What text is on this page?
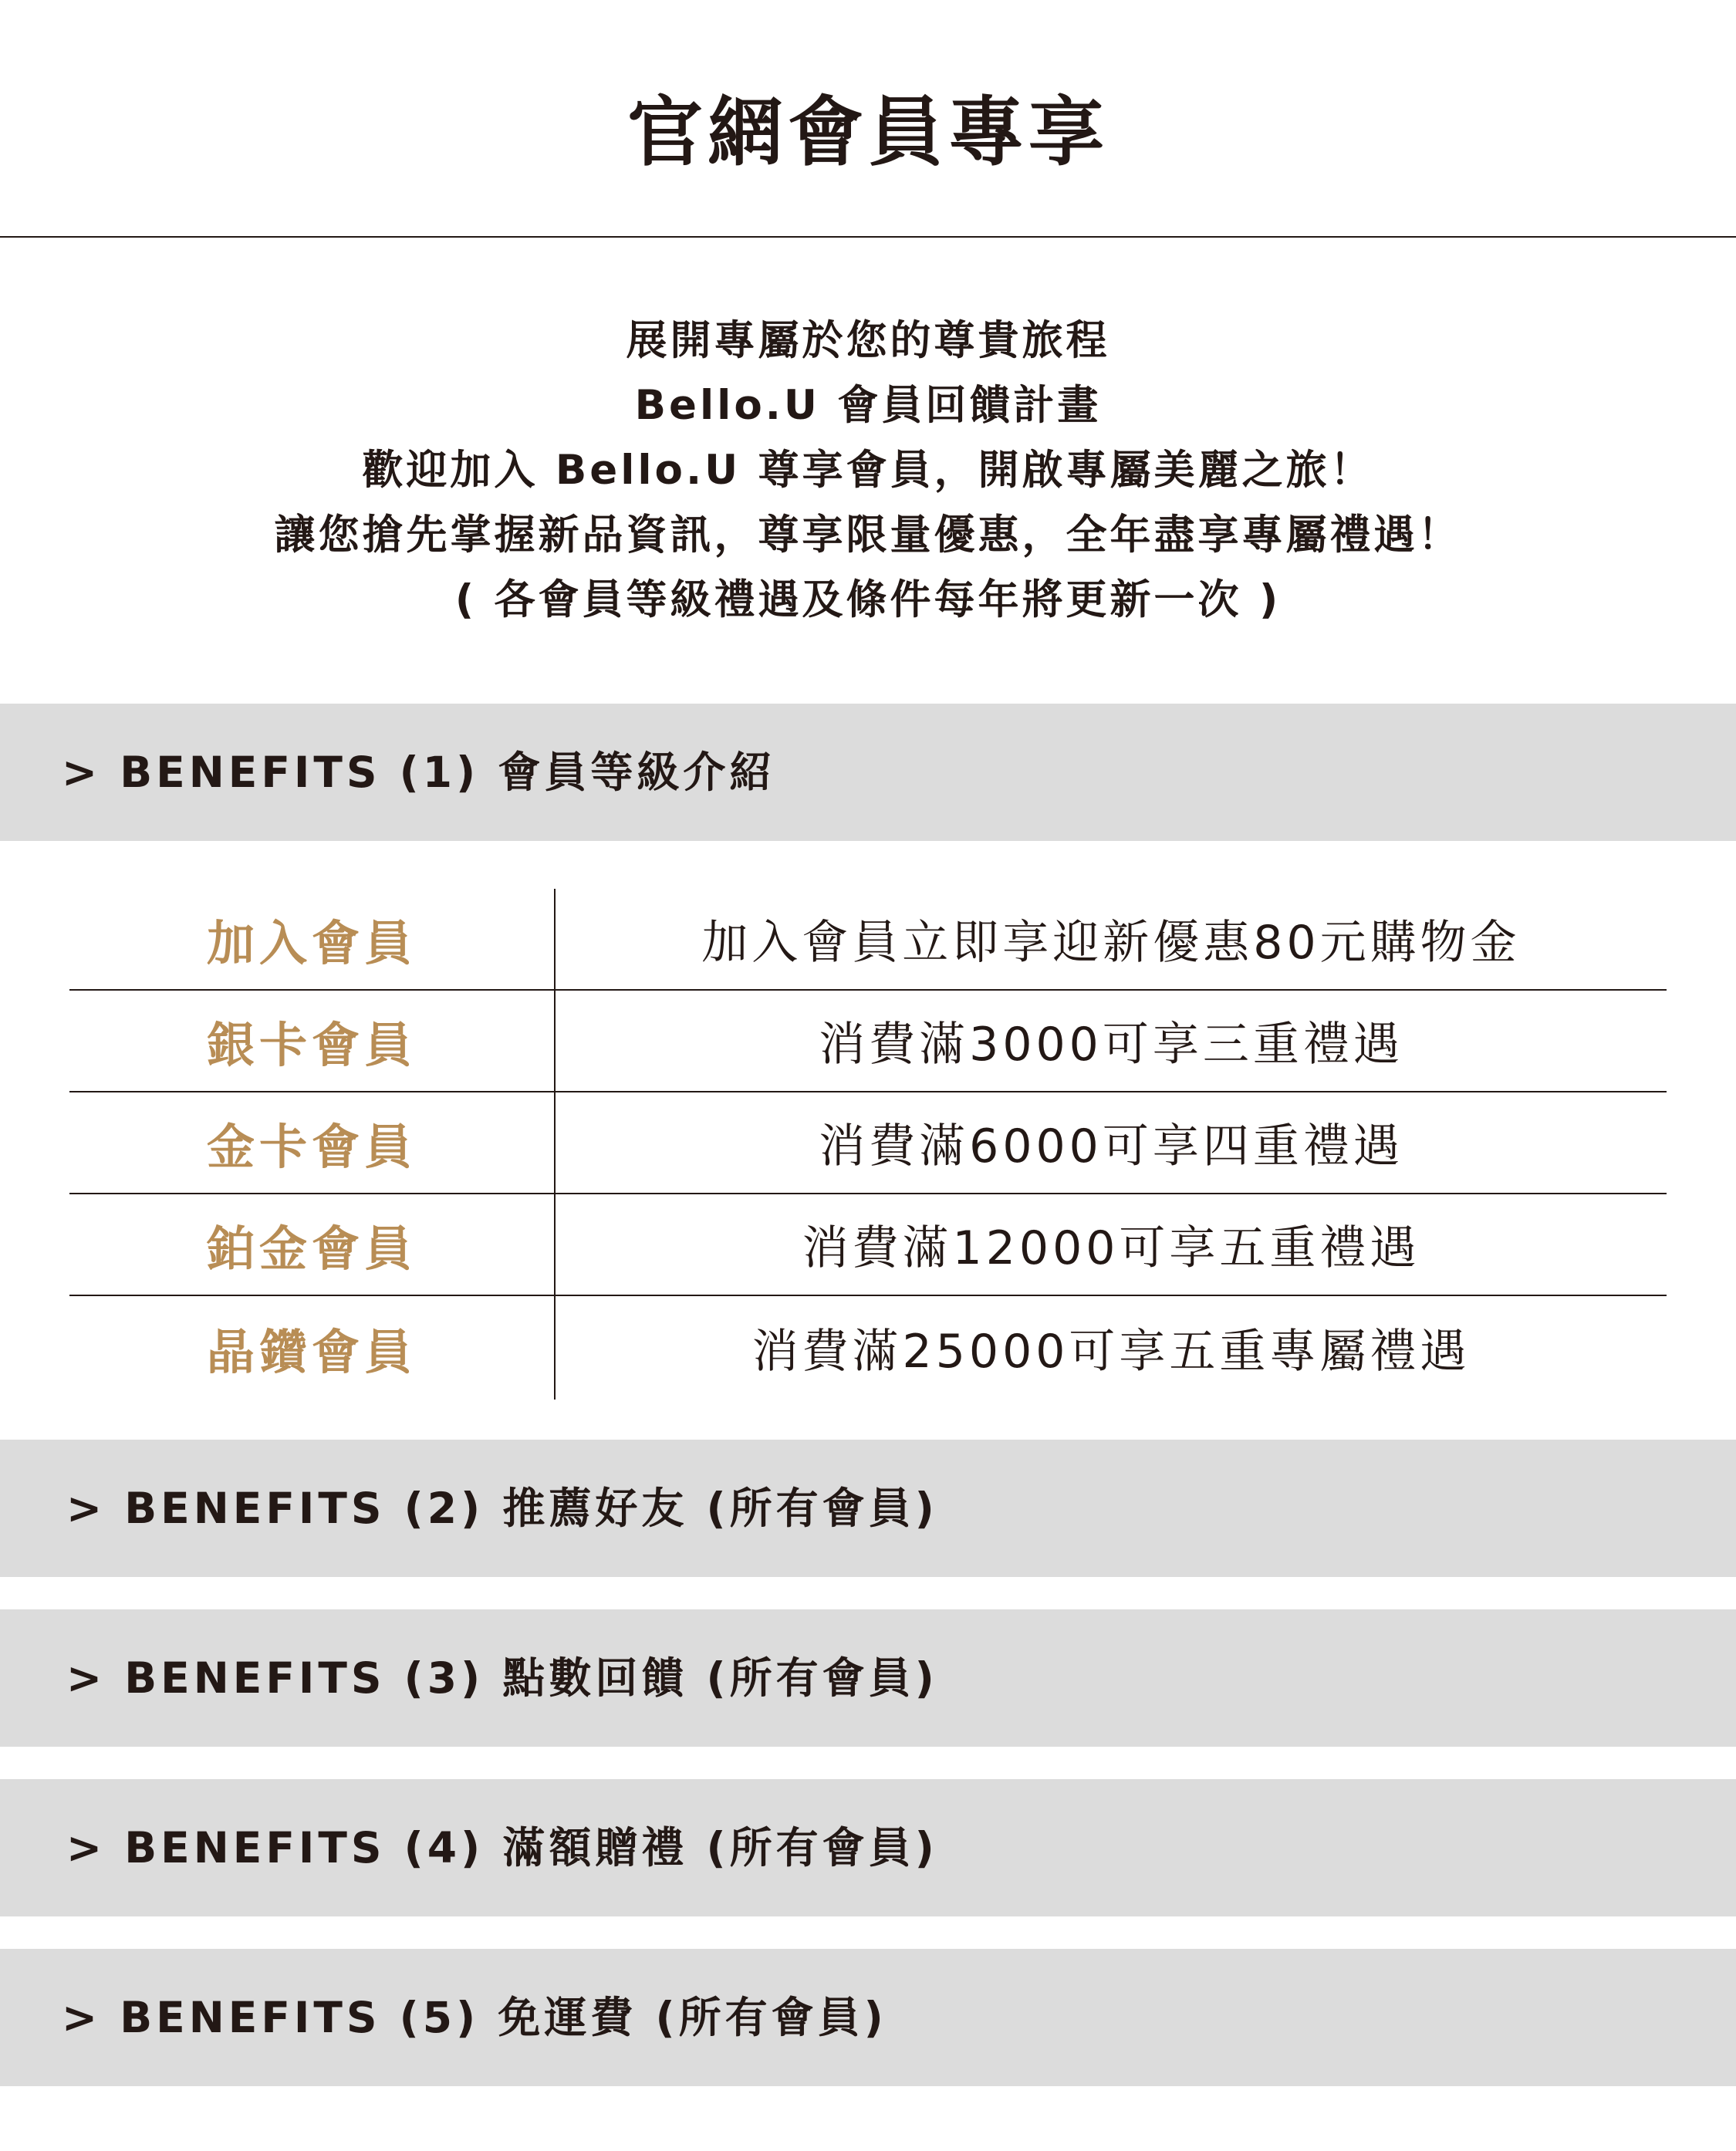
官網會員專享
展開專屬於您的尊貴旅程
Bello.U 會員回饋計畫
歡迎加入 Bello.U 尊享會員，開啟專屬美麗之旅！
讓您搶先掌握新品資訊，尊享限量優惠，全年盡享專屬禮遇！
( 各會員等級禮遇及條件每年將更新一次 )
> BENEFITS (1) 會員等級介紹
加入會員	加入會員立即享迎新優惠80元購物金
銀卡會員	消費滿3000可享三重禮遇
金卡會員	消費滿6000可享四重禮遇
鉑金會員	消費滿12000可享五重禮遇
晶鑽會員	消費滿25000可享五重專屬禮遇
> BENEFITS (2) 推薦好友 (所有會員)
> BENEFITS (3) 點數回饋 (所有會員)
> BENEFITS (4) 滿額贈禮 (所有會員)
> BENEFITS (5) 免運費 (所有會員)
